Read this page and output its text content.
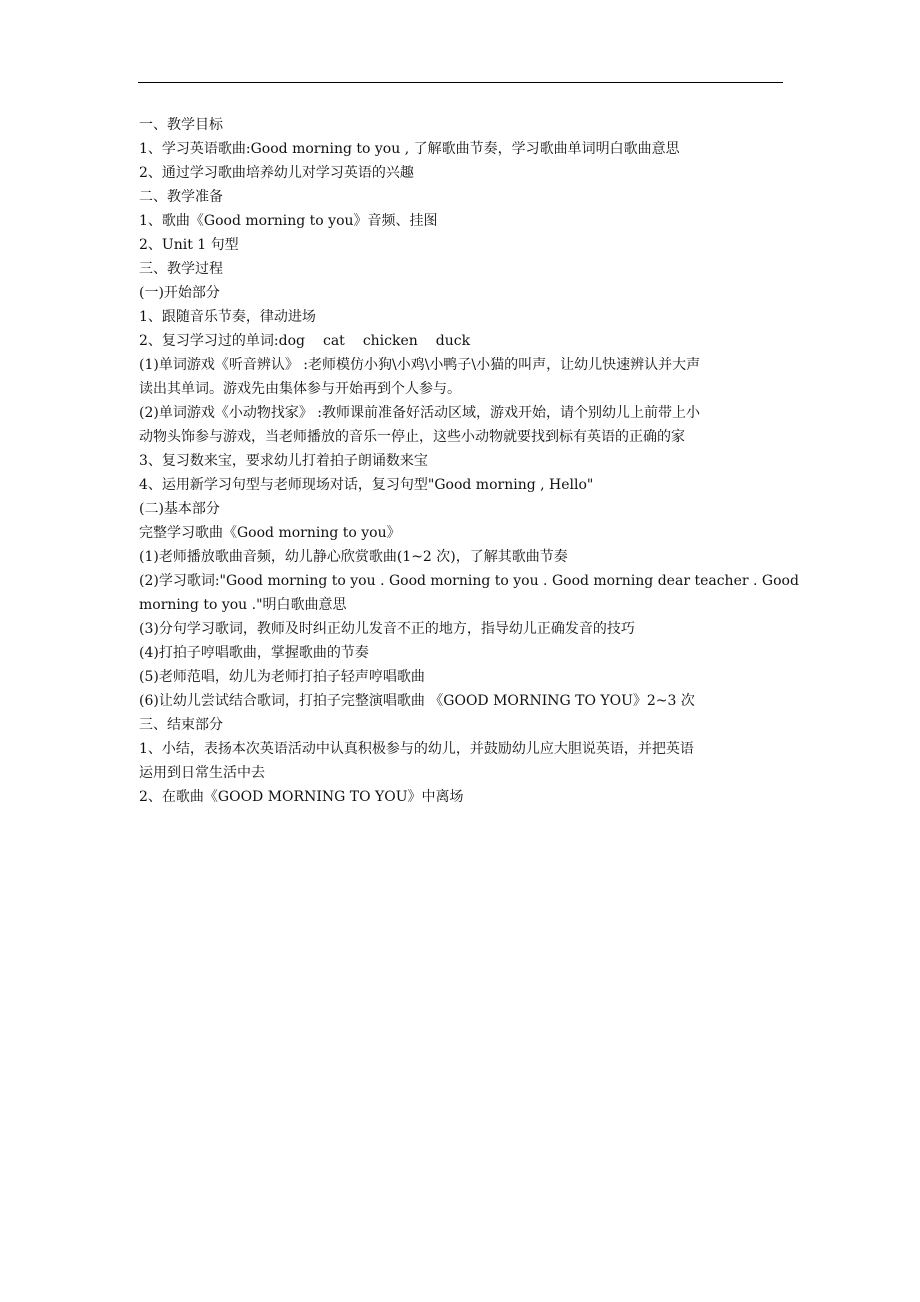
一、教学目标
1、学习英语歌曲:Good morning to you , 了解歌曲节奏，学习歌曲单词明白歌曲意思
2、通过学习歌曲培养幼儿对学习英语的兴趣
二、教学准备
1、歌曲《Good morning to you》音频、挂图
2、Unit 1 句型
三、教学过程
(一)开始部分
1、跟随音乐节奏，律动进场
2、复习学习过的单词:dog cat chicken duck
(1)单词游戏《听音辨认》 :老师模仿小狗\小鸡\小鸭子\小猫的叫声，让幼儿快速辨认并大声
读出其单词。游戏先由集体参与开始再到个人参与。
(2)单词游戏《小动物找家》 :教师课前准备好活动区域，游戏开始，请个别幼儿上前带上小
动物头饰参与游戏，当老师播放的音乐一停止，这些小动物就要找到标有英语的正确的家
3、复习数来宝，要求幼儿打着拍子朗诵数来宝
4、运用新学习句型与老师现场对话，复习句型"Good morning , Hello"
(二)基本部分
完整学习歌曲《Good morning to you》
(1)老师播放歌曲音频，幼儿静心欣赏歌曲(1~2 次)，了解其歌曲节奏
(2)学习歌词:"Good morning to you . Good morning to you . Good morning dear teacher . Good
morning to you ."明白歌曲意思
(3)分句学习歌词，教师及时纠正幼儿发音不正的地方，指导幼儿正确发音的技巧
(4)打拍子哼唱歌曲，掌握歌曲的节奏
(5)老师范唱，幼儿为老师打拍子轻声哼唱歌曲
(6)让幼儿尝试结合歌词，打拍子完整演唱歌曲 《GOOD MORNING TO YOU》2~3 次
三、结束部分
1、小结，表扬本次英语活动中认真积极参与的幼儿，并鼓励幼儿应大胆说英语，并把英语
运用到日常生活中去
2、在歌曲《GOOD MORNING TO YOU》中离场
